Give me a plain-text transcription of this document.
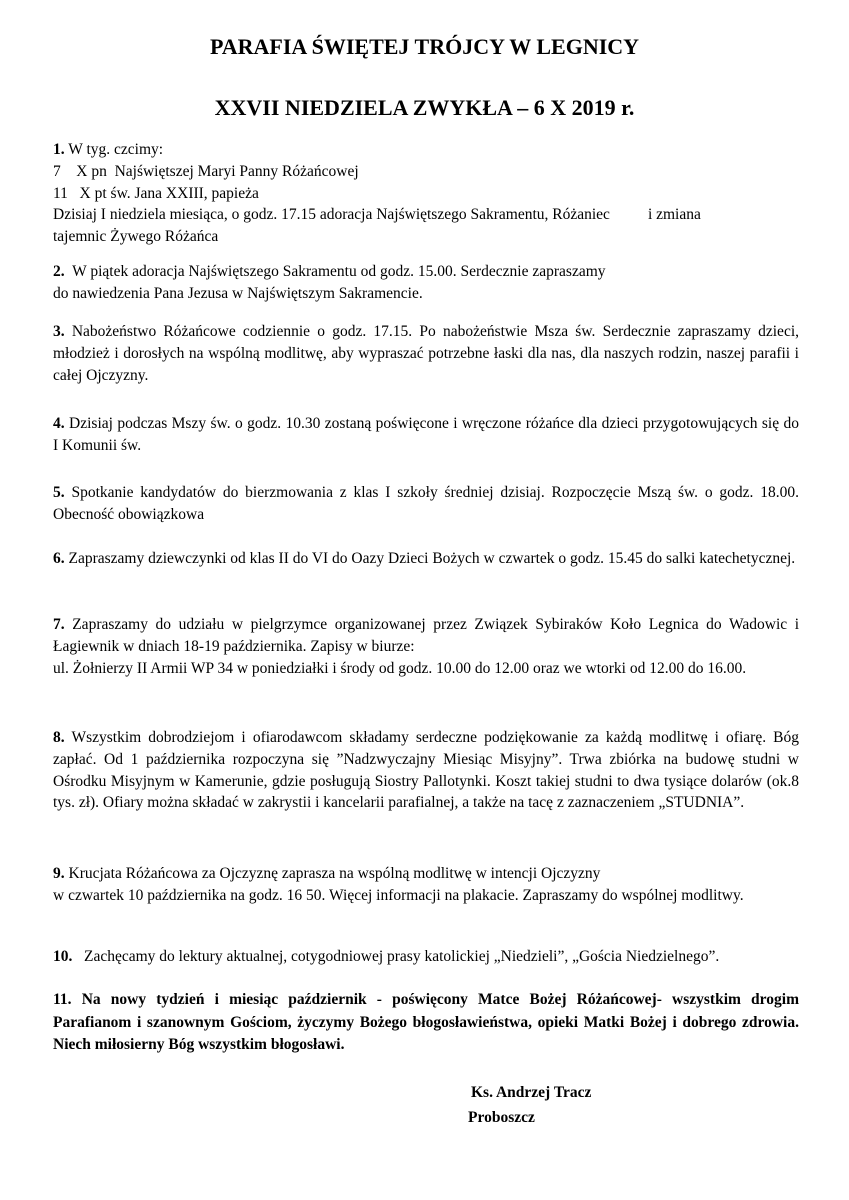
PARAFIA ŚWIĘTEJ TRÓJCY W LEGNICY
XXVII NIEDZIELA ZWYKŁA – 6 X 2019 r.
1. W tyg. czcimy:
7    X pn  Najświętszej Maryi Panny Różańcowej
11   X pt św. Jana XXIII, papieża
Dzisiaj I niedziela miesiąca, o godz. 17.15 adoracja Najświętszego Sakramentu, Różaniec i zmiana
tajemnic Żywego Różańca
2. W piątek adoracja Najświętszego Sakramentu od godz. 15.00. Serdecznie zapraszamy
do nawiedzenia Pana Jezusa w Najświętszym Sakramencie.

3. Nabożeństwo Różańcowe codziennie o godz. 17.15. Po nabożeństwie Msza św. Serdecznie zapraszamy dzieci, młodzież i dorosłych na wspólną modlitwę, aby wypraszać potrzebne łaski dla nas, dla naszych rodzin, naszej parafii i całej Ojczyzny.

4. Dzisiaj podczas Mszy św. o godz. 10.30 zostaną poświęcone i wręczone różańce dla dzieci przygotowujących się do I Komunii św.

5. Spotkanie kandydatów do bierzmowania z klas I szkoły średniej dzisiaj. Rozpoczęcie Mszą św. o godz. 18.00. Obecność obowiązkowa

6. Zapraszamy dziewczynki od klas II do VI do Oazy Dzieci Bożych w czwartek o godz. 15.45 do salki katechetycznej.

7. Zapraszamy do udziału w pielgrzymce organizowanej przez Związek Sybiraków Koło Legnica do Wadowic i Łagiewnik w dniach 18-19 października. Zapisy w biurze:
ul. Żołnierzy II Armii WP 34 w poniedziałki i środy od godz. 10.00 do 12.00 oraz we wtorki od 12.00 do 16.00.

8. Wszystkim dobrodziejom i ofiarodawcom składamy serdeczne podziękowanie za każdą modlitwę i ofiarę. Bóg zapłać. Od 1 października rozpoczyna się ”Nadzwyczajny Miesiąc Misyjny”. Trwa zbiórka na budowę studni w Ośrodku Misyjnym w Kamerunie, gdzie posługują Siostry Pallotynki. Koszt takiej studni to dwa tysiące dolarów (ok.8 tys. zł). Ofiary można składać w zakrystii i kancelarii parafialnej, a także na tacę z zaznaczeniem „STUDNIA”.

9. Krucjata Różańcowa za Ojczyznę zaprasza na wspólną modlitwę w intencji Ojczyzny
w czwartek 10 października na godz. 16 50. Więcej informacji na plakacie. Zapraszamy do wspólnej modlitwy.

10. Zachęcamy do lektury aktualnej, cotygodniowej prasy katolickiej „Niedzieli”, „Gościa Niedzielnego”.

11. Na nowy tydzień i miesiąc październik - poświęcony Matce Bożej Różańcowej- wszystkim drogim Parafianom i szanownym Gościom, życzymy Bożego błogosławieństwa, opieki Matki Bożej i dobrego zdrowia. Niech miłosierny Bóg wszystkim błogosławi.

Ks. Andrzej Tracz
Proboszcz
